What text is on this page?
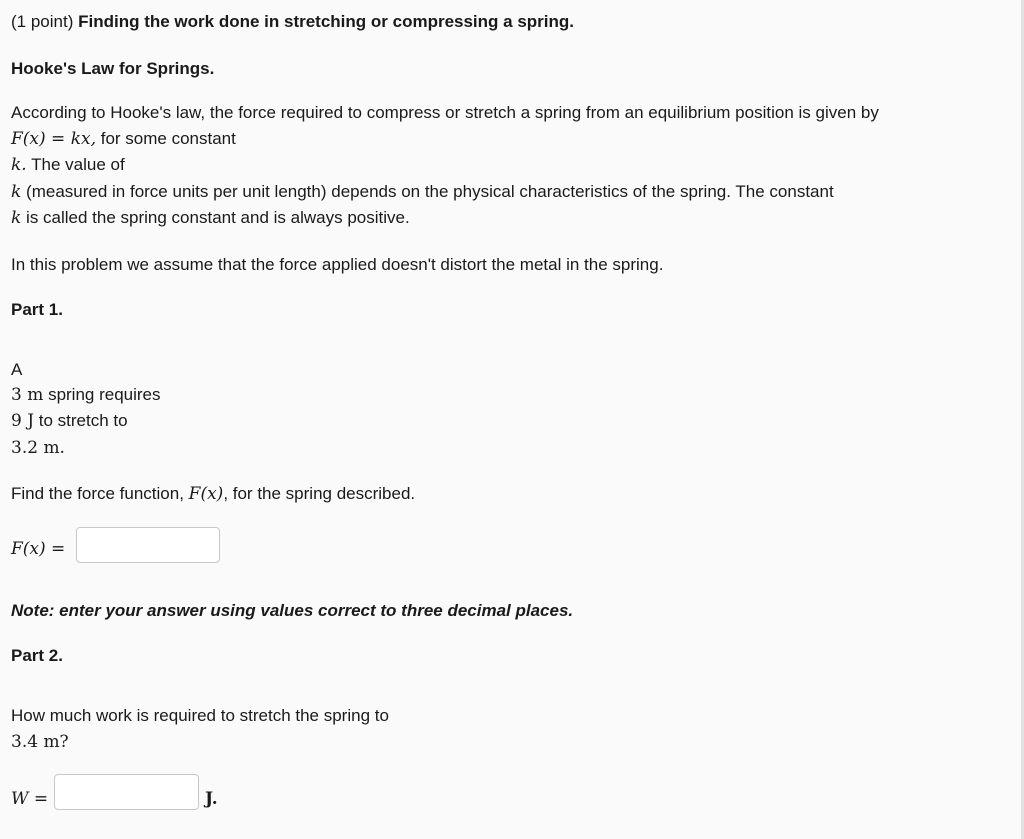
(1 point) Finding the work done in stretching or compressing a spring.
Hooke's Law for Springs.
According to Hooke's law, the force required to compress or stretch a spring from an equilibrium position is given by
F(x) = kx, for some constant
k. The value of
k (measured in force units per unit length) depends on the physical characteristics of the spring. The constant
k is called the spring constant and is always positive.
In this problem we assume that the force applied doesn't distort the metal in the spring.
Part 1.
A
3 m spring requires
9 J to stretch to
3.2 m.
Find the force function, F(x), for the spring described.
F(x) =
Note: enter your answer using values correct to three decimal places.
Part 2.
How much work is required to stretch the spring to
3.4 m?
W =	J.
